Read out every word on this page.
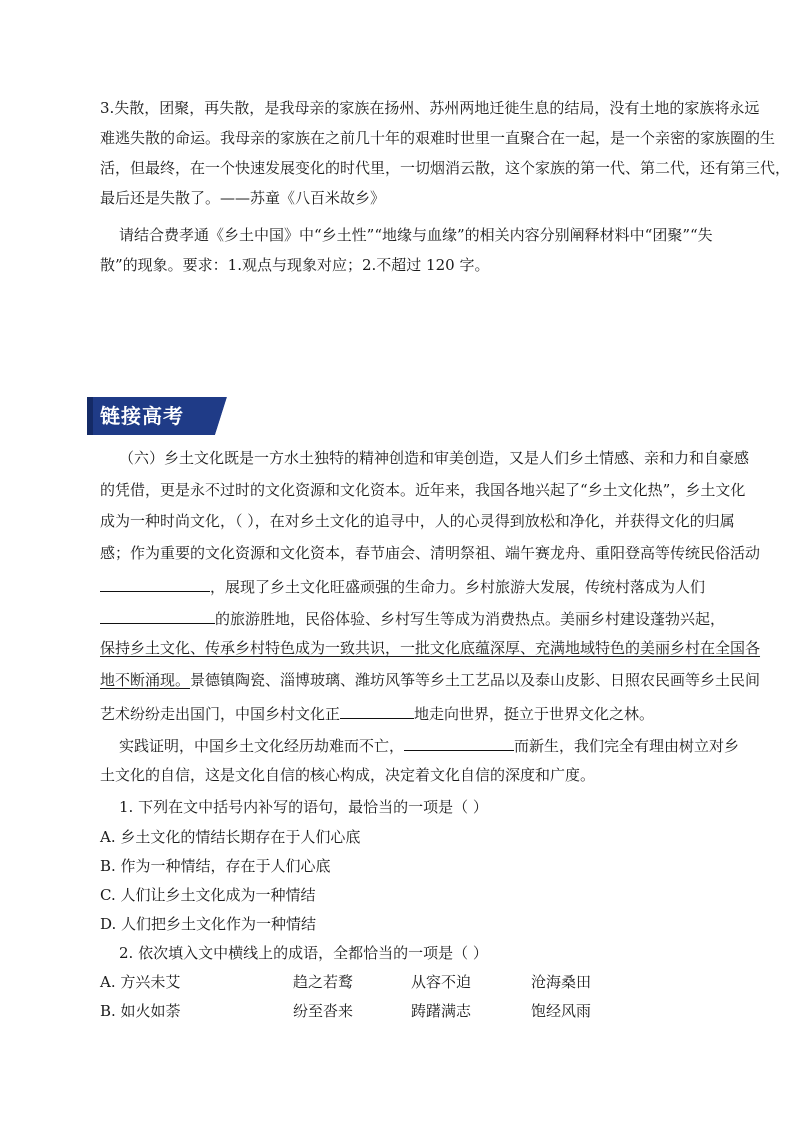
3.失散，团聚，再失散，是我母亲的家族在扬州、苏州两地迁徙生息的结局，没有土地的家族将永远
难逃失散的命运。我母亲的家族在之前几十年的艰难时世里一直聚合在一起，是一个亲密的家族圈的生
活，但最终，在一个快速发展变化的时代里，一切烟消云散，这个家族的第一代、第二代，还有第三代，
最后还是失散了。——苏童《八百米故乡》
请结合费孝通《乡土中国》中“乡土性”“地缘与血缘”的相关内容分别阐释材料中“团聚”“失
散”的现象。要求：1.观点与现象对应；2.不超过 120 字。
链接高考
（六）乡土文化既是一方水土独特的精神创造和审美创造，又是人们乡土情感、亲和力和自豪感
的凭借，更是永不过时的文化资源和文化资本。近年来，我国各地兴起了“乡土文化热”，乡土文化
成为一种时尚文化，（ ），在对乡土文化的追寻中，人的心灵得到放松和净化，并获得文化的归属
感；作为重要的文化资源和文化资本，春节庙会、清明祭祖、端午赛龙舟、重阳登高等传统民俗活动
，展现了乡土文化旺盛顽强的生命力。乡村旅游大发展，传统村落成为人们
的旅游胜地，民俗体验、乡村写生等成为消费热点。美丽乡村建设蓬勃兴起，
保持乡土文化、传承乡村特色成为一致共识，一批文化底蕴深厚、充满地域特色的美丽乡村在全国各
地不断涌现。景德镇陶瓷、淄博玻璃、潍坊风筝等乡土工艺品以及泰山皮影、日照农民画等乡土民间
艺术纷纷走出国门，中国乡村文化正	地走向世界，挺立于世界文化之林。
实践证明，中国乡土文化经历劫难而不亡，	而新生，我们完全有理由树立对乡
土文化的自信，这是文化自信的核心构成，决定着文化自信的深度和广度。
1. 下列在文中括号内补写的语句，最恰当的一项是（ ）
A. 乡土文化的情结长期存在于人们心底
B. 作为一种情结，存在于人们心底
C. 人们让乡土文化成为一种情结
D. 人们把乡土文化作为一种情结
2. 依次填入文中横线上的成语，全都恰当的一项是（ ）
A. 方兴未艾	趋之若鹜	从容不迫	沧海桑田
B. 如火如荼	纷至沓来	踌躇满志	饱经风雨
